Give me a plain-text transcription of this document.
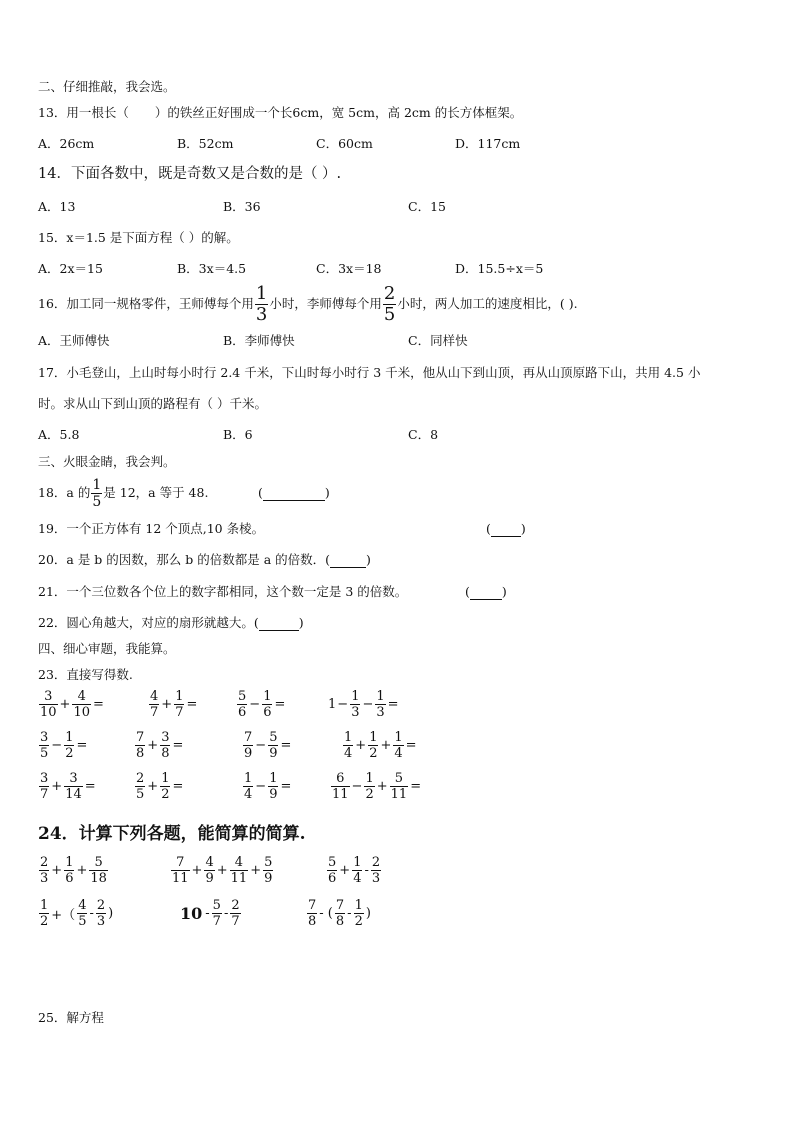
二、仔细推敲，我会选。
13．用一根长（ ）的铁丝正好围成一个长6cm，宽 5cm，高 2cm 的长方体框架。
A．26cm	B．52cm	C．60cm	D．117cm
14．下面各数中，既是奇数又是合数的是（ ）.
A．13	B．36	C．15
15．x＝1.5 是下面方程（ ）的解。
A．2x＝15	B．3x＝4.5	C．3x＝18	D．15.5÷x＝5
16．加工同一规格零件，王师傅每个用 $\frac{1}{3}$ 小时，李师傅每个用 $\frac{2}{5}$ 小时，两人加工的速度相比，( ).
A．王师傅快	B．李师傅快	C．同样快
17．小毛登山，上山时每小时行 2.4 千米，下山时每小时行 3 千米，他从山下到山顶，再从山顶原路下山，共用 4.5 小
时。求从山下到山顶的路程有（ ）千米。
A．5.8	B．6	C．8
三、火眼金睛，我会判。
18．a 的 $\frac{1}{5}$ 是 12，a 等于 48.	(	)
19．一个正方体有 12 个顶点,10 条棱。	( )
20．a 是 b 的因数，那么 b 的倍数都是 a 的倍数．(	)
21．一个三位数各个位上的数字都相同，这个数一定是 3 的倍数。	(	)
22．圆心角越大，对应的扇形就越大。(	)
四、细心审题，我能算。
23．直接写得数.
$\frac{3}{10} + \frac{4}{10}$ =	$\frac{4}{7} + \frac{1}{7}$ =	$\frac{5}{6} - \frac{1}{6}$ =	$1 - \frac{1}{3} - \frac{1}{3}$ =
$\frac{3}{5} - \frac{1}{2}$ =	$\frac{7}{8} + \frac{3}{8}$ =	$\frac{7}{9} - \frac{5}{9}$ =	$\frac{1}{4} + \frac{1}{2} + \frac{1}{4}$ =
$\frac{3}{7} + \frac{3}{14}$ =	$\frac{2}{5} + \frac{1}{2}$ =	$\frac{1}{4} - \frac{1}{9}$ =	$\frac{6}{11} - \frac{1}{2} + \frac{5}{11}$ =
24．计算下列各题，能简算的简算.
$\frac{2}{3} + \frac{1}{6} + \frac{5}{18}$	$\frac{7}{11} + \frac{4}{9} + \frac{4}{11} + \frac{5}{9}$	$\frac{5}{6} + \frac{1}{4} - \frac{2}{3}$
$\frac{1}{2}$ +（ $\frac{4}{5} - \frac{2}{3}$ )	$10 - \frac{5}{7} - \frac{2}{7}$	$\frac{7}{8}$ - ( $\frac{7}{8} - \frac{1}{2}$ )
25．解方程
